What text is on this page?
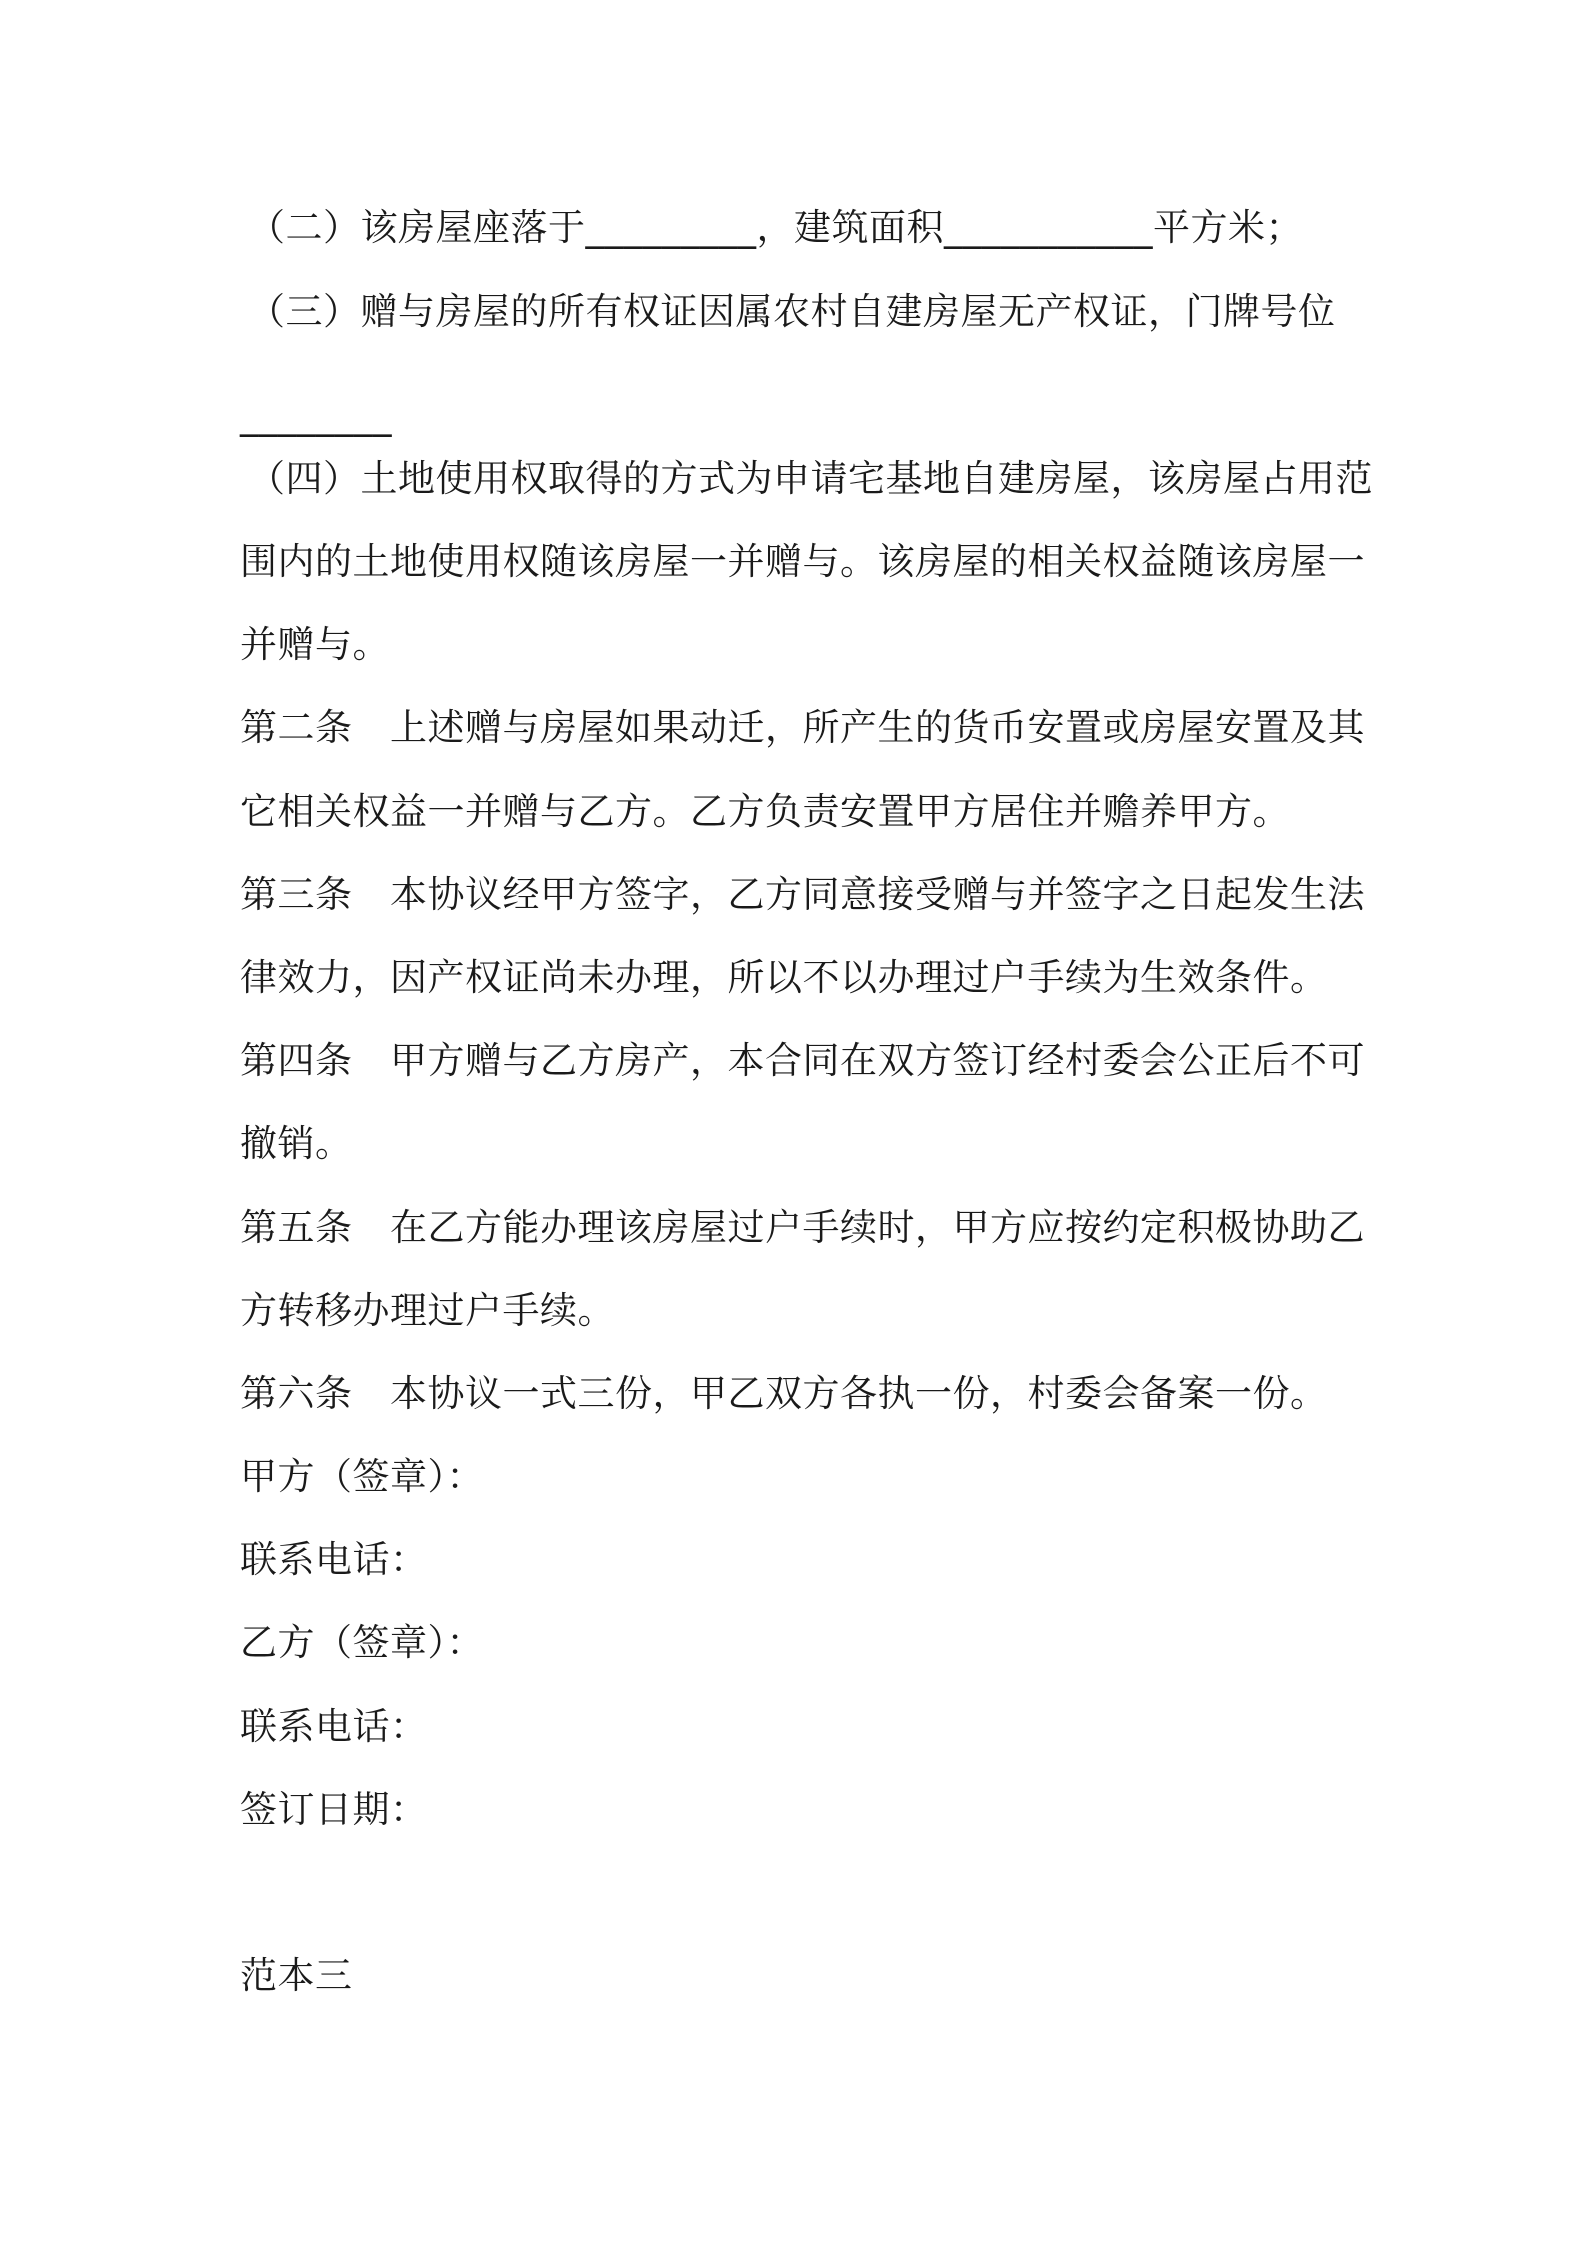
（二）该房屋座落于_________，建筑面积___________平方米；
（三）赠与房屋的所有权证因属农村自建房屋无产权证，门牌号位
________
（四）土地使用权取得的方式为申请宅基地自建房屋，该房屋占用范
围内的土地使用权随该房屋一并赠与。该房屋的相关权益随该房屋一
并赠与。
第二条　上述赠与房屋如果动迁，所产生的货币安置或房屋安置及其
它相关权益一并赠与乙方。乙方负责安置甲方居住并赡养甲方。
第三条　本协议经甲方签字，乙方同意接受赠与并签字之日起发生法
律效力，因产权证尚未办理，所以不以办理过户手续为生效条件。
第四条　甲方赠与乙方房产，本合同在双方签订经村委会公正后不可
撤销。
第五条　在乙方能办理该房屋过户手续时，甲方应按约定积极协助乙
方转移办理过户手续。
第六条　本协议一式三份，甲乙双方各执一份，村委会备案一份。
甲方（签章）：
联系电话：
乙方（签章）：
联系电话：
签订日期：
范本三
